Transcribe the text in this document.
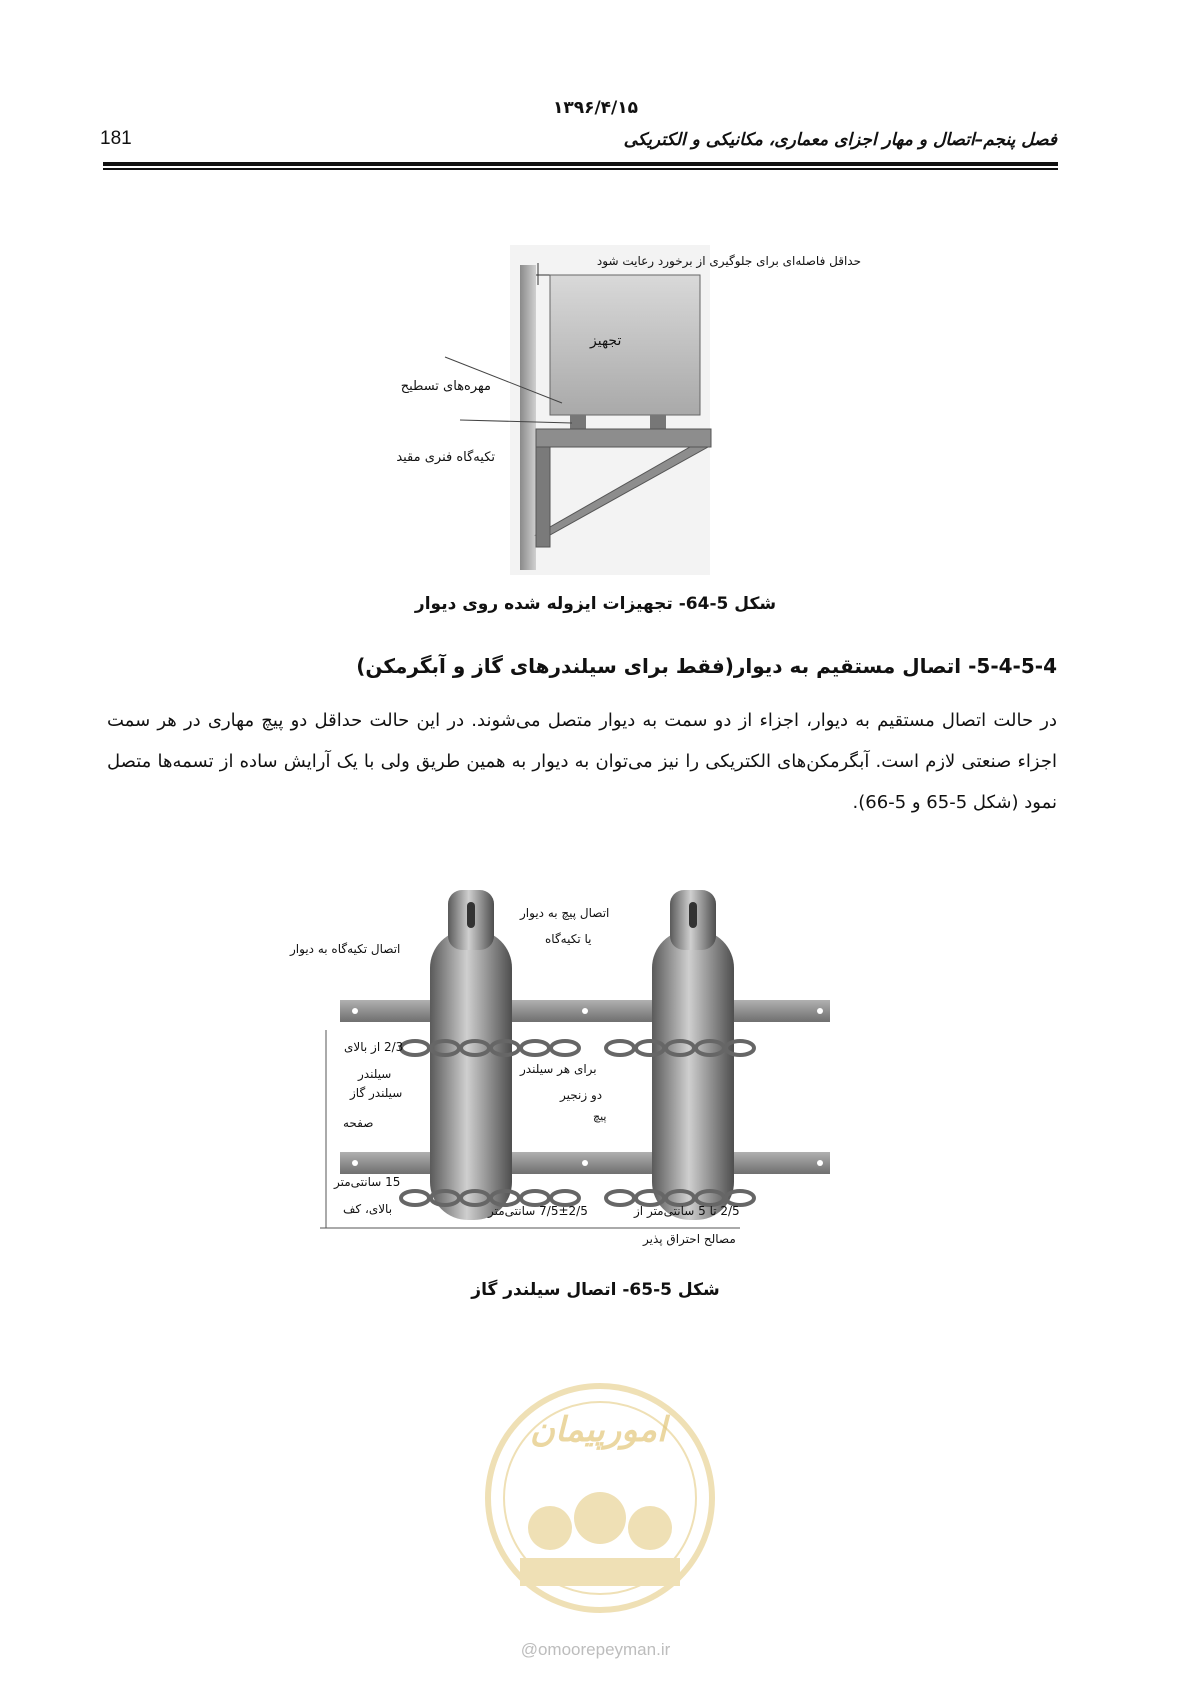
۱۳۹۶/۴/۱۵
181	فصل پنجم–اتصال و مهار اجزای معماری، مکانیکی و الکتریکی
حداقل فاصله‌ای برای جلوگیری از برخورد رعایت شود
تجهیز
مهره‌های تسطیح
تکیه‌گاه فنری مقید
شکل 5-64- تجهیزات ایزوله شده روی دیوار
5-4-5-4- اتصال مستقیم به دیوار(فقط برای سیلندرهای گاز و آبگرمکن)
در حالت اتصال مستقیم به دیوار، اجزاء از دو سمت به دیوار متصل می‌شوند. در این حالت حداقل دو پیچ مهاری در هر سمت اجزاء صنعتی لازم است. آبگرمکن‌های الکتریکی را نیز می‌توان به دیوار به همین طریق ولی با یک آرایش ساده از تسمه‌ها متصل نمود (شکل 5-65 و 5-66).
اتصال پیچ به دیوار
یا تکیه‌گاه
اتصال تکیه‌گاه به دیوار
2/3 از بالای
سیلندر
سیلندر گاز
برای هر سیلندر
دو زنجیر
پیچ
صفحه
15 سانتی‌متر
بالای، کف	7/5±2/5 سانتی‌متر	2/5 تا 5 سانتی‌متر از
مصالح احتراق پذیر
شکل 5-65- اتصال سیلندر گاز
امورپیمان
@omoorepeyman.ir
